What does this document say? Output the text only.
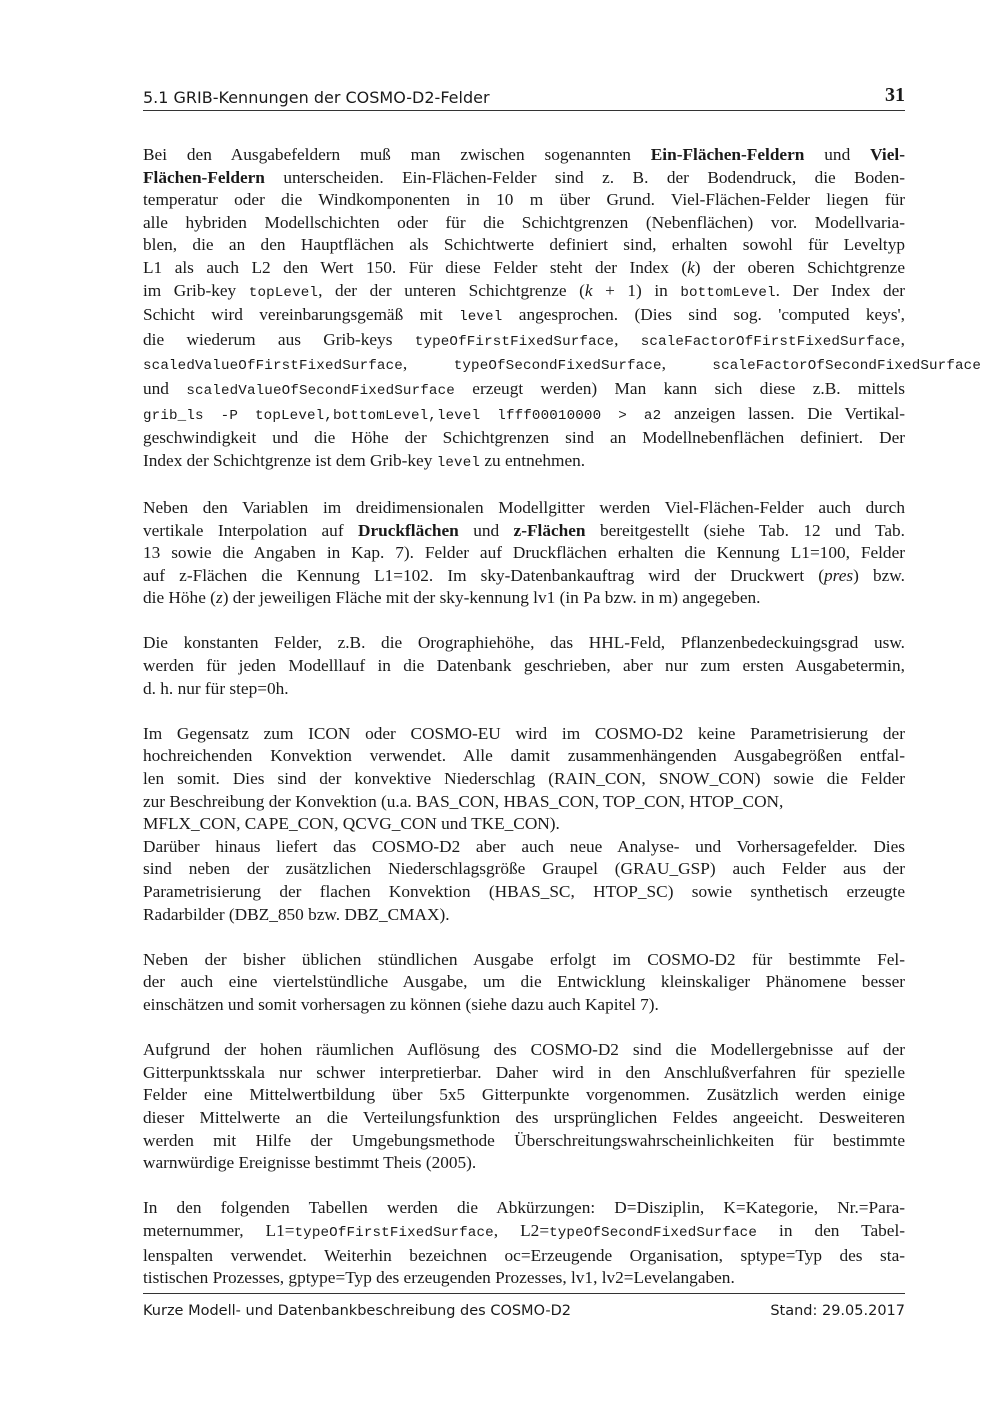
5.1 GRIB-Kennungen der COSMO-D2-Felder	31
Bei den Ausgabefeldern muß man zwischen sogenannten Ein-Flächen-Feldern und Viel-
Flächen-Feldern unterscheiden. Ein-Flächen-Felder sind z. B. der Bodendruck, die Boden-
temperatur oder die Windkomponenten in 10 m über Grund. Viel-Flächen-Felder liegen für
alle hybriden Modellschichten oder für die Schichtgrenzen (Nebenflächen) vor. Modellvaria-
blen, die an den Hauptflächen als Schichtwerte definiert sind, erhalten sowohl für Leveltyp
L1 als auch L2 den Wert 150. Für diese Felder steht der Index (k) der oberen Schichtgrenze
im Grib-key topLevel, der der unteren Schichtgrenze (k + 1) in bottomLevel. Der Index der
Schicht wird vereinbarungsgemäß mit level angesprochen. (Dies sind sog. 'computed keys',
die wiederum aus Grib-keys typeOfFirstFixedSurface, scaleFactorOfFirstFixedSurface,
scaledValueOfFirstFixedSurface, typeOfSecondFixedSurface, scaleFactorOfSecondFixedSurface
und scaledValueOfSecondFixedSurface erzeugt werden) Man kann sich diese z.B. mittels
grib_ls -P topLevel,bottomLevel,level lfff00010000 > a2 anzeigen lassen. Die Vertikal-
geschwindigkeit und die Höhe der Schichtgrenzen sind an Modellnebenflächen definiert. Der
Index der Schichtgrenze ist dem Grib-key level zu entnehmen.
Neben den Variablen im dreidimensionalen Modellgitter werden Viel-Flächen-Felder auch durch
vertikale Interpolation auf Druckflächen und z-Flächen bereitgestellt (siehe Tab. 12 und Tab.
13 sowie die Angaben in Kap. 7). Felder auf Druckflächen erhalten die Kennung L1=100, Felder
auf z-Flächen die Kennung L1=102. Im sky-Datenbankauftrag wird der Druckwert (pres) bzw.
die Höhe (z) der jeweiligen Fläche mit der sky-kennung lv1 (in Pa bzw. in m) angegeben.
Die konstanten Felder, z.B. die Orographiehöhe, das HHL-Feld, Pflanzenbedeckuingsgrad usw.
werden für jeden Modelllauf in die Datenbank geschrieben, aber nur zum ersten Ausgabetermin,
d. h. nur für step=0h.
Im Gegensatz zum ICON oder COSMO-EU wird im COSMO-D2 keine Parametrisierung der
hochreichenden Konvektion verwendet. Alle damit zusammenhängenden Ausgabegrößen entfal-
len somit. Dies sind der konvektive Niederschlag (RAIN_CON, SNOW_CON) sowie die Felder
zur Beschreibung der Konvektion (u.a. BAS_CON, HBAS_CON, TOP_CON, HTOP_CON,
MFLX_CON, CAPE_CON, QCVG_CON und TKE_CON).
Darüber hinaus liefert das COSMO-D2 aber auch neue Analyse- und Vorhersagefelder. Dies
sind neben der zusätzlichen Niederschlagsgröße Graupel (GRAU_GSP) auch Felder aus der
Parametrisierung der flachen Konvektion (HBAS_SC, HTOP_SC) sowie synthetisch erzeugte
Radarbilder (DBZ_850 bzw. DBZ_CMAX).
Neben der bisher üblichen stündlichen Ausgabe erfolgt im COSMO-D2 für bestimmte Fel-
der auch eine viertelstündliche Ausgabe, um die Entwicklung kleinskaliger Phänomene besser
einschätzen und somit vorhersagen zu können (siehe dazu auch Kapitel 7).
Aufgrund der hohen räumlichen Auflösung des COSMO-D2 sind die Modellergebnisse auf der
Gitterpunktsskala nur schwer interpretierbar. Daher wird in den Anschlußverfahren für spezielle
Felder eine Mittelwertbildung über 5x5 Gitterpunkte vorgenommen. Zusätzlich werden einige
dieser Mittelwerte an die Verteilungsfunktion des ursprünglichen Feldes angeeicht. Desweiteren
werden mit Hilfe der Umgebungsmethode Überschreitungswahrscheinlichkeiten für bestimmte
warnwürdige Ereignisse bestimmt Theis (2005).
In den folgenden Tabellen werden die Abkürzungen: D=Disziplin, K=Kategorie, Nr.=Para-
meternummer, L1=typeOfFirstFixedSurface, L2=typeOfSecondFixedSurface in den Tabel-
lenspalten verwendet. Weiterhin bezeichnen oc=Erzeugende Organisation, sptype=Typ des sta-
tistischen Prozesses, gptype=Typ des erzeugenden Prozesses, lv1, lv2=Levelangaben.
Kurze Modell- und Datenbankbeschreibung des COSMO-D2	Stand: 29.05.2017
